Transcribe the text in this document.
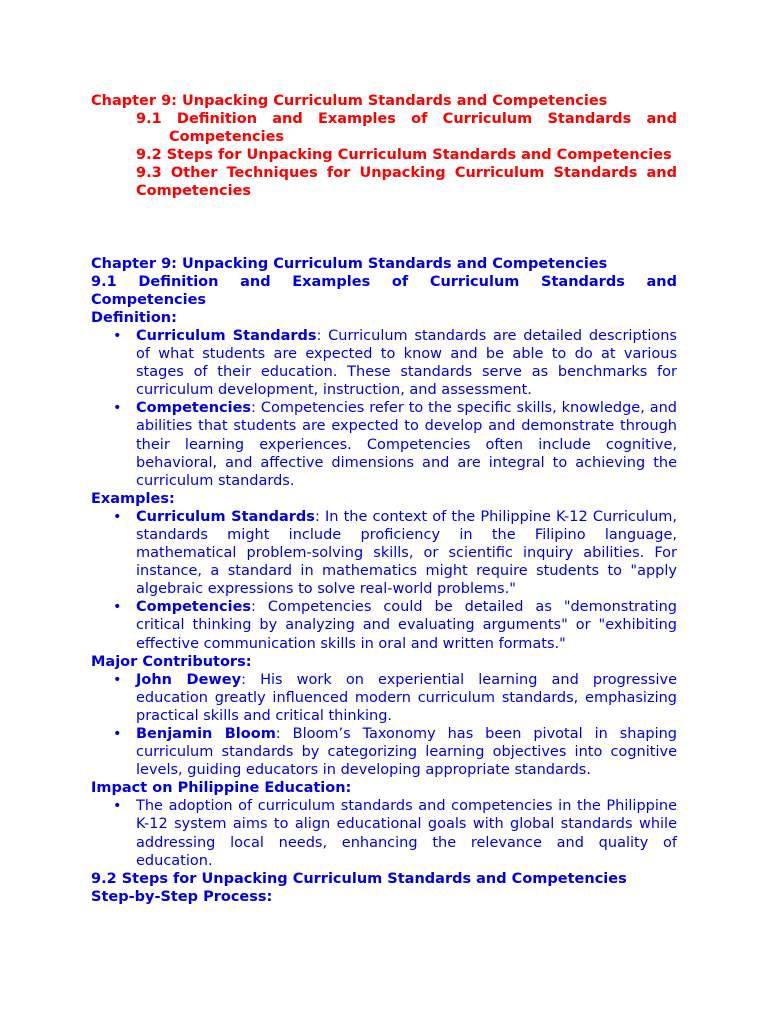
Chapter 9: Unpacking Curriculum Standards and Competencies

9.1 Definition and Examples of Curriculum Standards and Competencies

9.2 Steps for Unpacking Curriculum Standards and Competencies

9.3 Other Techniques for Unpacking Curriculum Standards and Competencies

Chapter 9: Unpacking Curriculum Standards and Competencies

9.1 Definition and Examples of Curriculum Standards and Competencies

Definition:

• Curriculum Standards: Curriculum standards are detailed descriptions of what students are expected to know and be able to do at various stages of their education. These standards serve as benchmarks for curriculum development, instruction, and assessment.
• Competencies: Competencies refer to the specific skills, knowledge, and abilities that students are expected to develop and demonstrate through their learning experiences. Competencies often include cognitive, behavioral, and affective dimensions and are integral to achieving the curriculum standards.

Examples:

• Curriculum Standards: In the context of the Philippine K-12 Curriculum, standards might include proficiency in the Filipino language, mathematical problem-solving skills, or scientific inquiry abilities. For instance, a standard in mathematics might require students to "apply algebraic expressions to solve real-world problems."
• Competencies: Competencies could be detailed as "demonstrating critical thinking by analyzing and evaluating arguments" or "exhibiting effective communication skills in oral and written formats."

Major Contributors:

• John Dewey: His work on experiential learning and progressive education greatly influenced modern curriculum standards, emphasizing practical skills and critical thinking.
• Benjamin Bloom: Bloom’s Taxonomy has been pivotal in shaping curriculum standards by categorizing learning objectives into cognitive levels, guiding educators in developing appropriate standards.

Impact on Philippine Education:

• The adoption of curriculum standards and competencies in the Philippine K-12 system aims to align educational goals with global standards while addressing local needs, enhancing the relevance and quality of education.

9.2 Steps for Unpacking Curriculum Standards and Competencies

Step-by-Step Process:
